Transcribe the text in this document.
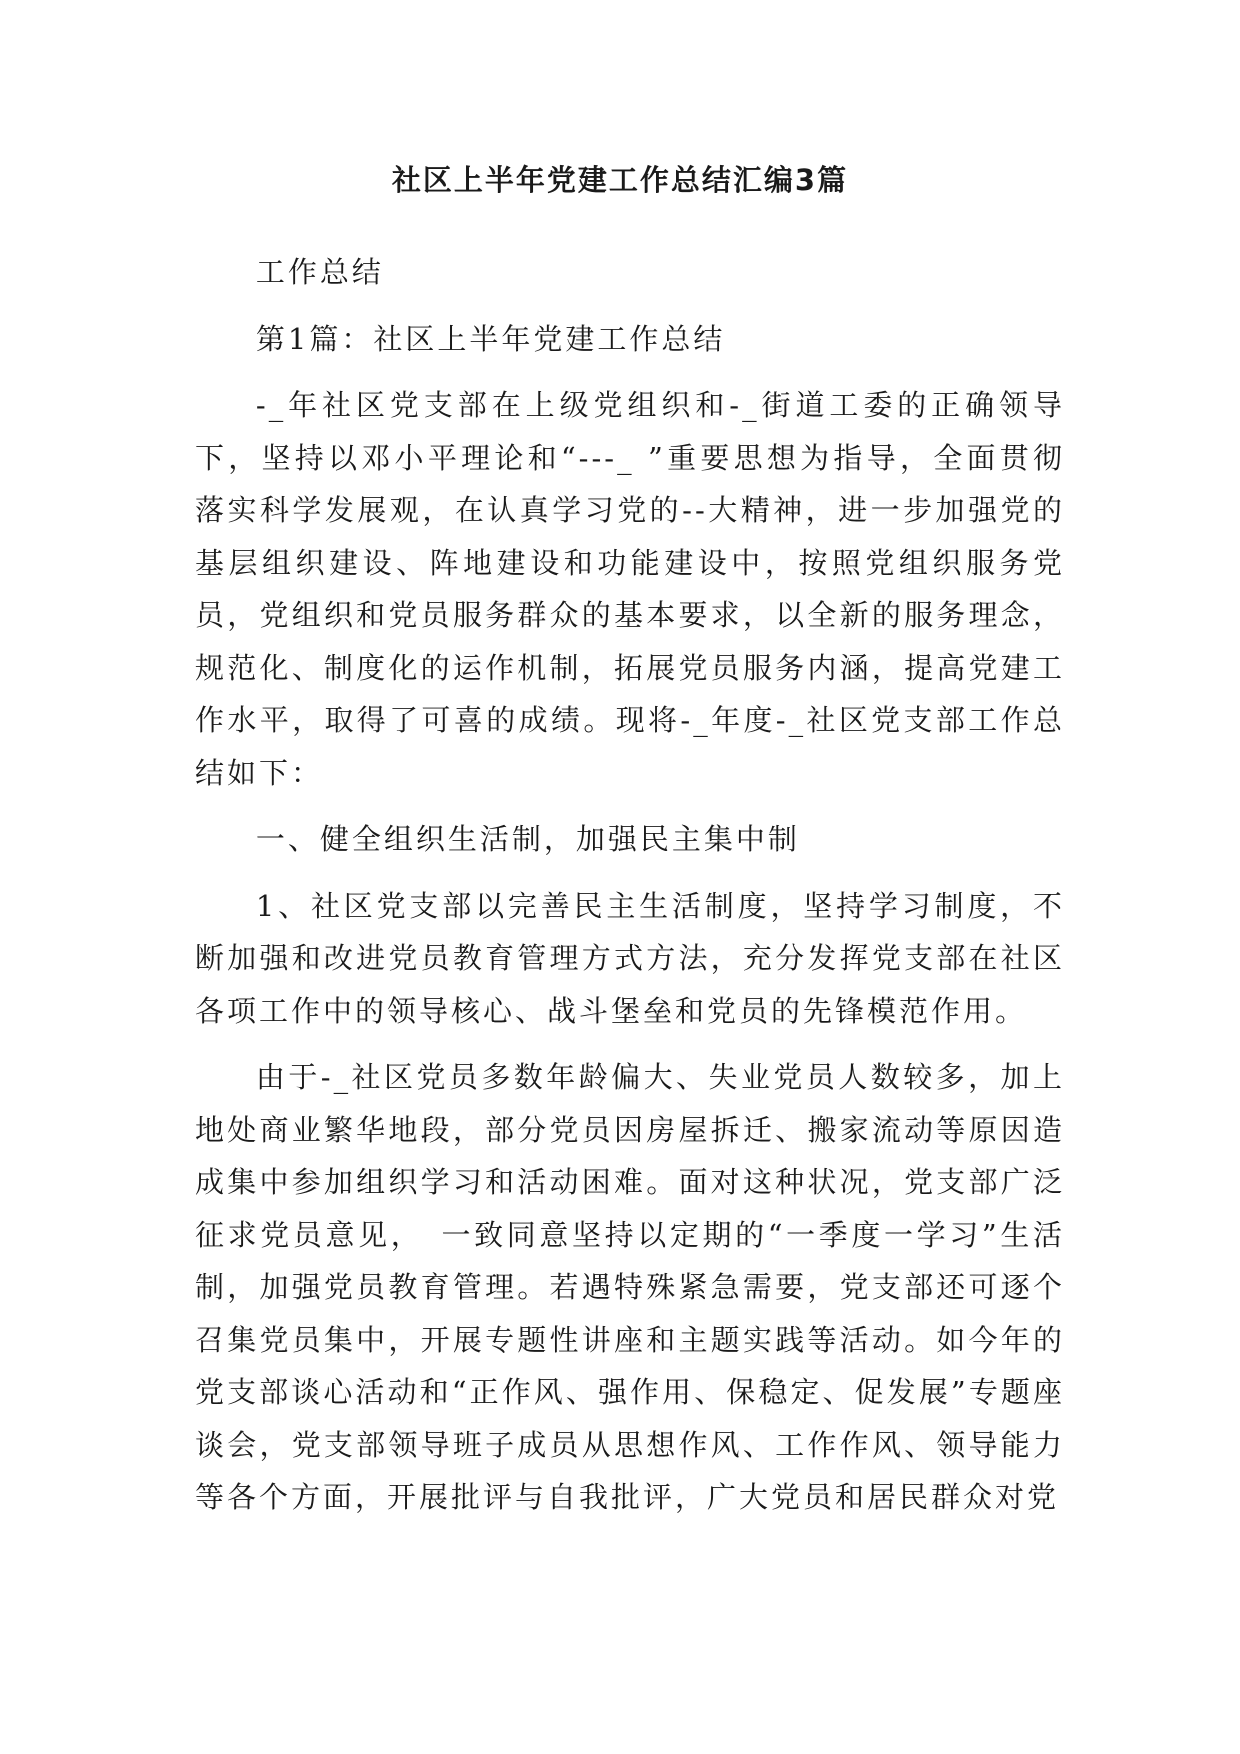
社区上半年党建工作总结汇编3篇

工作总结

第1篇：社区上半年党建工作总结

-_年社区党支部在上级党组织和-_街道工委的正确领导下，坚持以邓小平理论和“---_ ”重要思想为指导，全面贯彻落实科学发展观，在认真学习党的--大精神，进一步加强党的基层组织建设、阵地建设和功能建设中，按照党组织服务党员，党组织和党员服务群众的基本要求，以全新的服务理念，规范化、制度化的运作机制，拓展党员服务内涵，提高党建工作水平，取得了可喜的成绩。现将-_年度-_社区党支部工作总结如下：

一、健全组织生活制，加强民主集中制

1、社区党支部以完善民主生活制度，坚持学习制度，不断加强和改进党员教育管理方式方法，充分发挥党支部在社区各项工作中的领导核心、战斗堡垒和党员的先锋模范作用。

由于-_社区党员多数年龄偏大、失业党员人数较多，加上地处商业繁华地段，部分党员因房屋拆迁、搬家流动等原因造成集中参加组织学习和活动困难。面对这种状况，党支部广泛征求党员意见，　一致同意坚持以定期的“一季度一学习”生活制，加强党员教育管理。若遇特殊紧急需要，党支部还可逐个召集党员集中，开展专题性讲座和主题实践等活动。如今年的党支部谈心活动和“正作风、强作用、保稳定、促发展”专题座谈会，党支部领导班子成员从思想作风、工作作风、领导能力等各个方面，开展批评与自我批评，广大党员和居民群众对党
